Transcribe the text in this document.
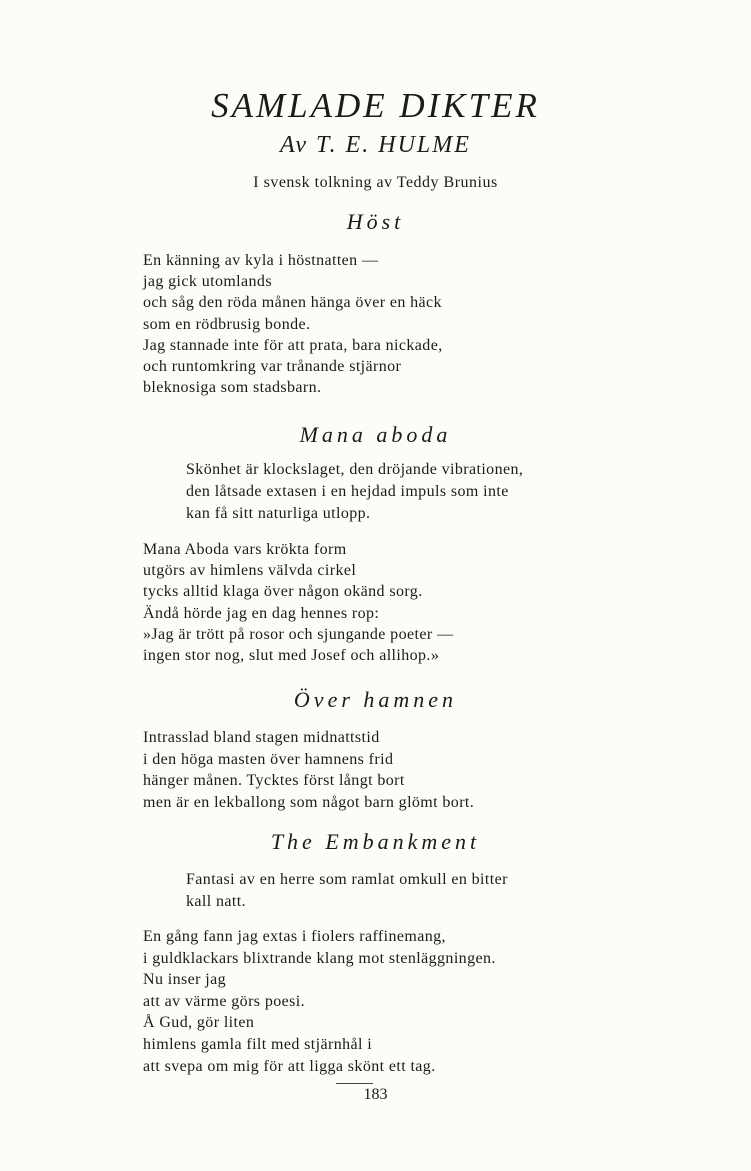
SAMLADE DIKTER
Av T. E. HULME
I svensk tolkning av Teddy Brunius
Höst
En känning av kyla i höstnatten —
jag gick utomlands
och såg den röda månen hänga över en häck
som en rödbrusig bonde.
Jag stannade inte för att prata, bara nickade,
och runtomkring var trånande stjärnor
bleknosiga som stadsbarn.
Mana aboda
Skönhet är klockslaget, den dröjande vibrationen,
den låtsade extasen i en hejdad impuls som inte
kan få sitt naturliga utlopp.
Mana Aboda vars krökta form
utgörs av himlens välvda cirkel
tycks alltid klaga över någon okänd sorg.
Ändå hörde jag en dag hennes rop:
»Jag är trött på rosor och sjungande poeter —
ingen stor nog, slut med Josef och allihop.»
Över hamnen
Intrasslad bland stagen midnattstid
i den höga masten över hamnens frid
hänger månen. Tycktes först långt bort
men är en lekballong som något barn glömt bort.
The Embankment
Fantasi av en herre som ramlat omkull en bitter
kall natt.
En gång fann jag extas i fiolers raffinemang,
i guldklackars blixtrande klang mot stenläggningen.
Nu inser jag
att av värme görs poesi.
Å Gud, gör liten
himlens gamla filt med stjärnhål i
att svepa om mig för att ligga skönt ett tag.
183
